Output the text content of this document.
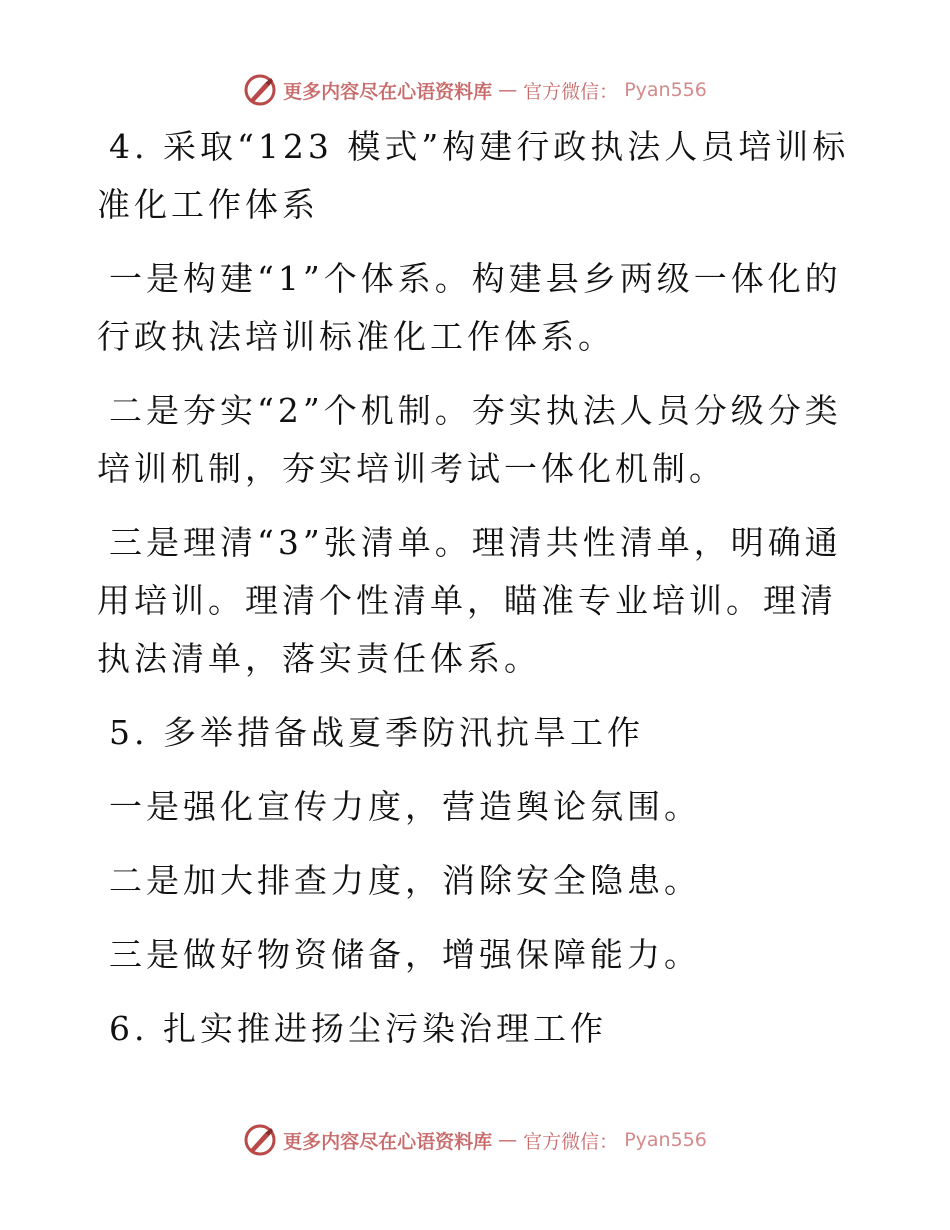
更多内容尽在心语资料库 — 官方微信： Pyan556

4. 采取“123 模式”构建行政执法人员培训标准化工作体系

一是构建“1”个体系。构建县乡两级一体化的行政执法培训标准化工作体系。

二是夯实“2”个机制。夯实执法人员分级分类培训机制，夯实培训考试一体化机制。

三是理清“3”张清单。理清共性清单，明确通用培训。理清个性清单，瞄准专业培训。理清执法清单，落实责任体系。

5. 多举措备战夏季防汛抗旱工作

一是强化宣传力度，营造舆论氛围。

二是加大排查力度，消除安全隐患。

三是做好物资储备，增强保障能力。

6. 扎实推进扬尘污染治理工作

更多内容尽在心语资料库 — 官方微信： Pyan556
